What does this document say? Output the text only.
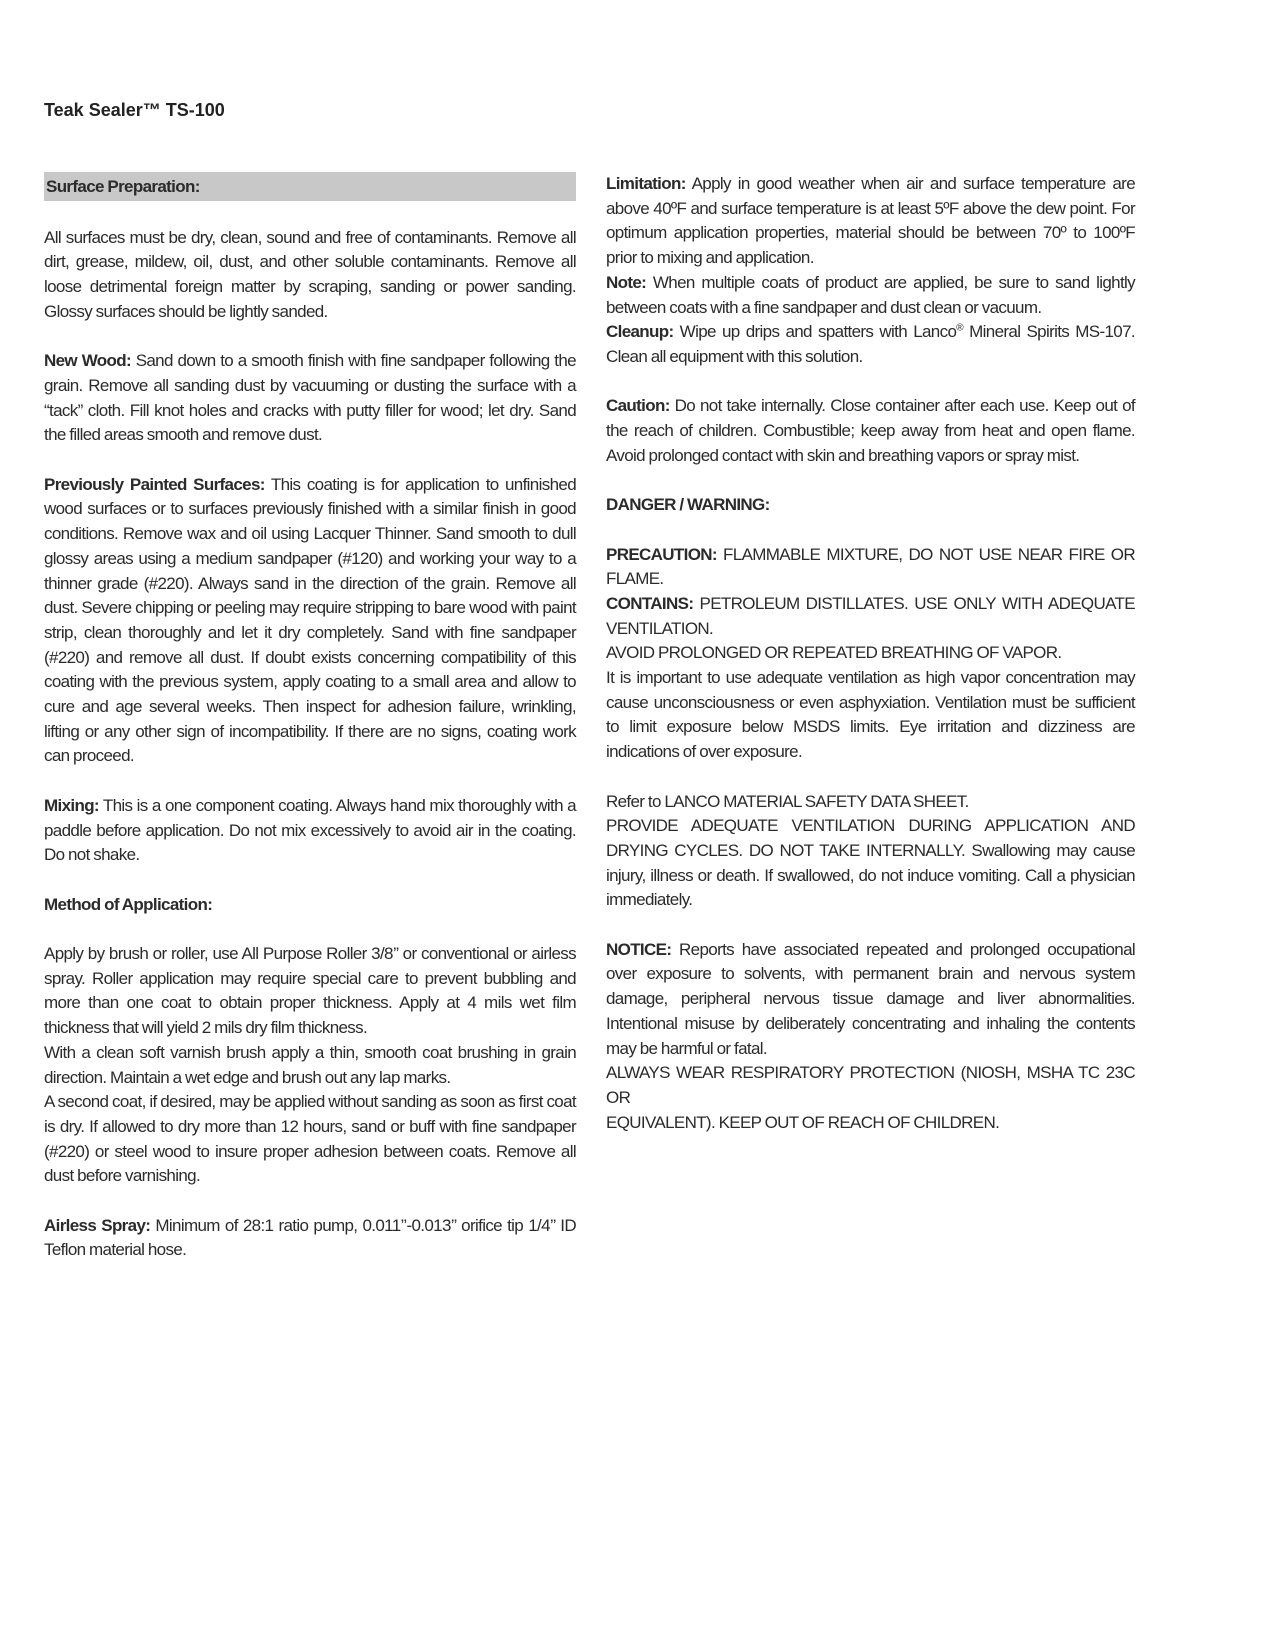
Teak Sealer™ TS-100

Surface Preparation:

All surfaces must be dry, clean, sound and free of contaminants. Remove all dirt, grease, mildew, oil, dust, and other soluble contaminants. Remove all loose detrimental foreign matter by scraping, sanding or power sanding. Glossy surfaces should be lightly sanded.

New Wood: Sand down to a smooth finish with fine sandpaper following the grain. Remove all sanding dust by vacuuming or dusting the surface with a “tack” cloth. Fill knot holes and cracks with putty filler for wood; let dry. Sand the filled areas smooth and remove dust.

Previously Painted Surfaces: This coating is for application to unfinished wood surfaces or to surfaces previously finished with a similar finish in good conditions. Remove wax and oil using Lacquer Thinner. Sand smooth to dull glossy areas using a medium sandpaper (#120) and working your way to a thinner grade (#220). Always sand in the direction of the grain. Remove all dust. Severe chipping or peeling may require stripping to bare wood with paint strip, clean thoroughly and let it dry completely. Sand with fine sandpaper (#220) and remove all dust. If doubt exists concerning compatibility of this coating with the previous system, apply coating to a small area and allow to cure and age several weeks. Then inspect for adhesion failure, wrinkling, lifting or any other sign of incompatibility. If there are no signs, coating work can proceed.

Mixing: This is a one component coating. Always hand mix thoroughly with a paddle before application. Do not mix excessively to avoid air in the coating. Do not shake.

Method of Application:

Apply by brush or roller, use All Purpose Roller 3/8’’ or conventional or airless spray. Roller application may require special care to prevent bubbling and more than one coat to obtain proper thickness. Apply at 4 mils wet film thickness that will yield 2 mils dry film thickness.

With a clean soft varnish brush apply a thin, smooth coat brushing in grain direction. Maintain a wet edge and brush out any lap marks.

A second coat, if desired, may be applied without sanding as soon as first coat is dry. If allowed to dry more than 12 hours, sand or buff with fine sandpaper (#220) or steel wood to insure proper adhesion between coats. Remove all dust before varnishing.

Airless Spray: Minimum of 28:1 ratio pump, 0.011’’-0.013’’ orifice tip 1/4’’ ID Teflon material hose.

Limitation: Apply in good weather when air and surface temperature are above 40ºF and surface temperature is at least 5ºF above the dew point. For optimum application properties, material should be between 70º to 100ºF prior to mixing and application.

Note: When multiple coats of product are applied, be sure to sand lightly between coats with a fine sandpaper and dust clean or vacuum.

Cleanup: Wipe up drips and spatters with Lanco® Mineral Spirits MS-107. Clean all equipment with this solution.

Caution: Do not take internally. Close container after each use. Keep out of the reach of children. Combustible; keep away from heat and open flame. Avoid prolonged contact with skin and breathing vapors or spray mist.

DANGER / WARNING:

PRECAUTION: FLAMMABLE MIXTURE, DO NOT USE NEAR FIRE OR FLAME.

CONTAINS: PETROLEUM DISTILLATES. USE ONLY WITH ADEQUATE VENTILATION.

AVOID PROLONGED OR REPEATED BREATHING OF VAPOR.

It is important to use adequate ventilation as high vapor concentration may cause unconsciousness or even asphyxiation. Ventilation must be sufficient to limit exposure below MSDS limits. Eye irritation and dizziness are indications of over exposure.

Refer to LANCO MATERIAL SAFETY DATA SHEET.

PROVIDE ADEQUATE VENTILATION DURING APPLICATION AND DRYING CYCLES. DO NOT TAKE INTERNALLY. Swallowing may cause injury, illness or death. If swallowed, do not induce vomiting. Call a physician immediately.

NOTICE: Reports have associated repeated and prolonged occupational over exposure to solvents, with permanent brain and nervous system damage, peripheral nervous tissue damage and liver abnormalities. Intentional misuse by deliberately concentrating and inhaling the contents may be harmful or fatal.

ALWAYS WEAR RESPIRATORY PROTECTION (NIOSH, MSHA TC 23C OR

EQUIVALENT). KEEP OUT OF REACH OF CHILDREN.
